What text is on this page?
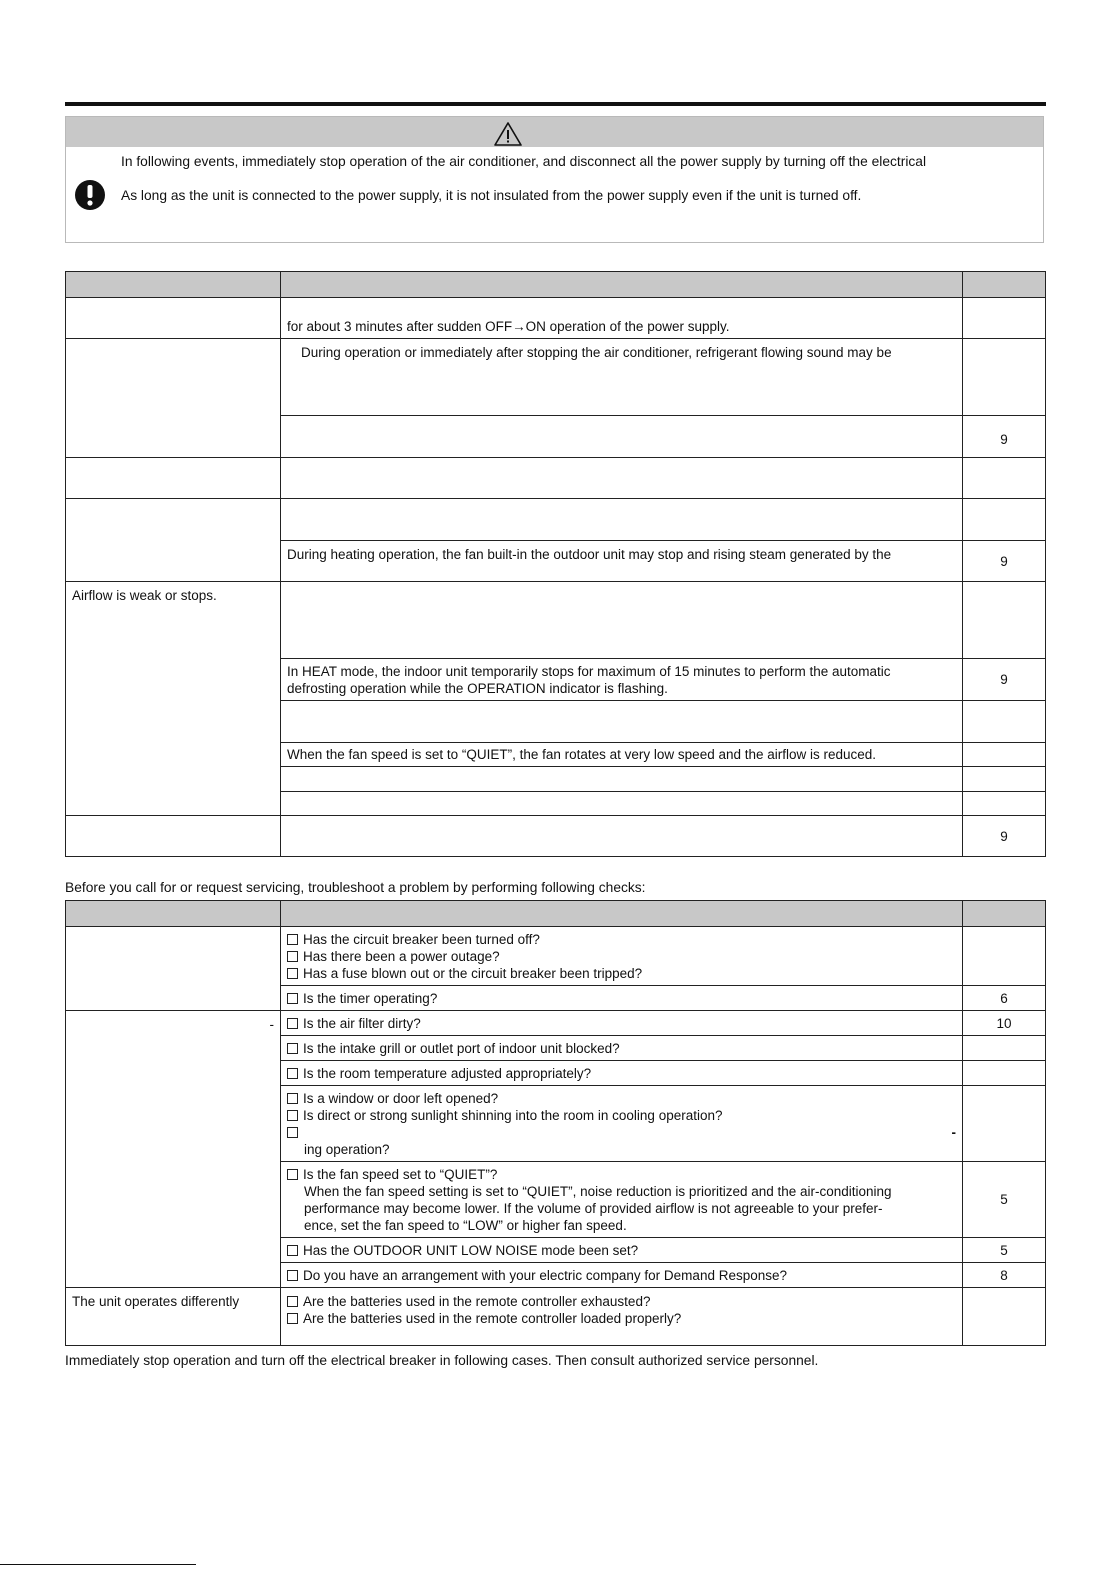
In following events, immediately stop operation of the air conditioner, and disconnect all the power supply by turning off the electrical
As long as the unit is connected to the power supply, it is not insulated from the power supply even if the unit is turned off.

	for about 3 minutes after sudden OFF→ON operation of the power supply.	
	During operation or immediately after stopping the air conditioner, refrigerant flowing sound may be	
		9

	During heating operation, the fan built-in the outdoor unit may stop and rising steam generated by the	9
Airflow is weak or stops.		

	In HEAT mode, the indoor unit temporarily stops for maximum of 15 minutes to perform the automatic
defrosting operation while the OPERATION indicator is flashing.	9

	When the fan speed is set to “QUIET”, the fan rotates at very low speed and the airflow is reduced.	

		9
Before you call for or request servicing, troubleshoot a problem by performing following checks:

	Has the circuit breaker been turned off?
Has there been a power outage?
Has a fuse blown out or the circuit breaker been tripped?	

	Is the timer operating?	6
-	Is the air filter dirty?	10
	Is the intake grill or outlet port of indoor unit blocked?	
	Is the room temperature adjusted appropriately?	

	Is a window or door left opened?
Is direct or strong sunlight shinning into the room in cooling operation?
-
ing operation?	

	Is the fan speed set to “QUIET”?
When the fan speed setting is set to “QUIET”, noise reduction is prioritized and the air-conditioning
performance may become lower. If the volume of provided airflow is not agreeable to your prefer-
ence, set the fan speed to “LOW” or higher fan speed.	5
	Has the OUTDOOR UNIT LOW NOISE mode been set?	5
	Do you have an arrangement with your electric company for Demand Response?	8
The unit operates differently	Are the batteries used in the remote controller exhausted?
Are the batteries used in the remote controller loaded properly?	

Immediately stop operation and turn off the electrical breaker in following cases. Then consult authorized service personnel.
